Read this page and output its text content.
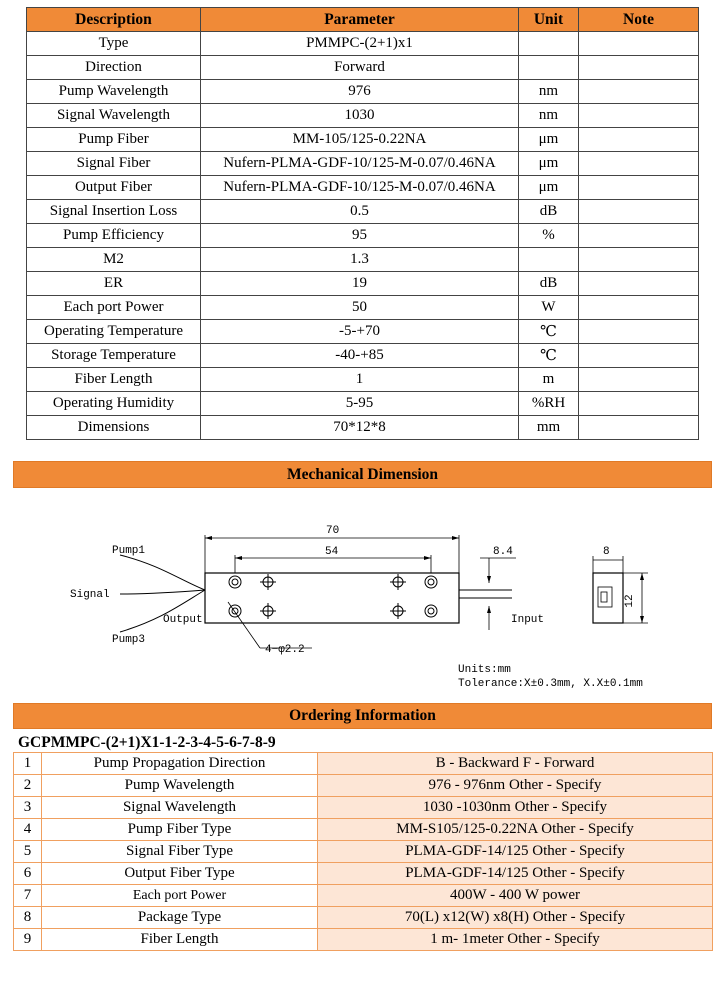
Description	Parameter	Unit	Note
Type	PMMPC-(2+1)x1		
Direction	Forward		
Pump Wavelength	976	nm	
Signal Wavelength	1030	nm	
Pump Fiber	MM-105/125-0.22NA	μm	
Signal Fiber	Nufern-PLMA-GDF-10/125-M-0.07/0.46NA	μm	
Output Fiber	Nufern-PLMA-GDF-10/125-M-0.07/0.46NA	μm	
Signal Insertion Loss	0.5	dB	
Pump Efficiency	95	%	
M2	1.3		
ER	19	dB	
Each port Power	50	W	
Operating Temperature	-5-+70	℃	
Storage Temperature	-40-+85	℃	
Fiber Length	1	m	
Operating Humidity	5-95	%RH	
Dimensions	70*12*8	mm	
Mechanical Dimension
Pump1
Signal
Pump3
Output	Input
70
54	8.4
4−φ2.2
8
12
Units:mm
Tolerance:X±0.3mm, X.X±0.1mm
Ordering Information
GCPMMPC-(2+1)X1-1-2-3-4-5-6-7-8-9
1	Pump Propagation Direction	B - Backward F - Forward
2	Pump Wavelength	976 - 976nm Other - Specify
3	Signal Wavelength	1030 -1030nm Other - Specify
4	Pump Fiber Type	MM-S105/125-0.22NA Other - Specify
5	Signal Fiber Type	PLMA-GDF-14/125 Other - Specify
6	Output Fiber Type	PLMA-GDF-14/125 Other - Specify
7	Each port Power	400W - 400 W power
8	Package Type	70(L) x12(W) x8(H) Other - Specify
9	Fiber Length	1 m- 1meter Other - Specify
